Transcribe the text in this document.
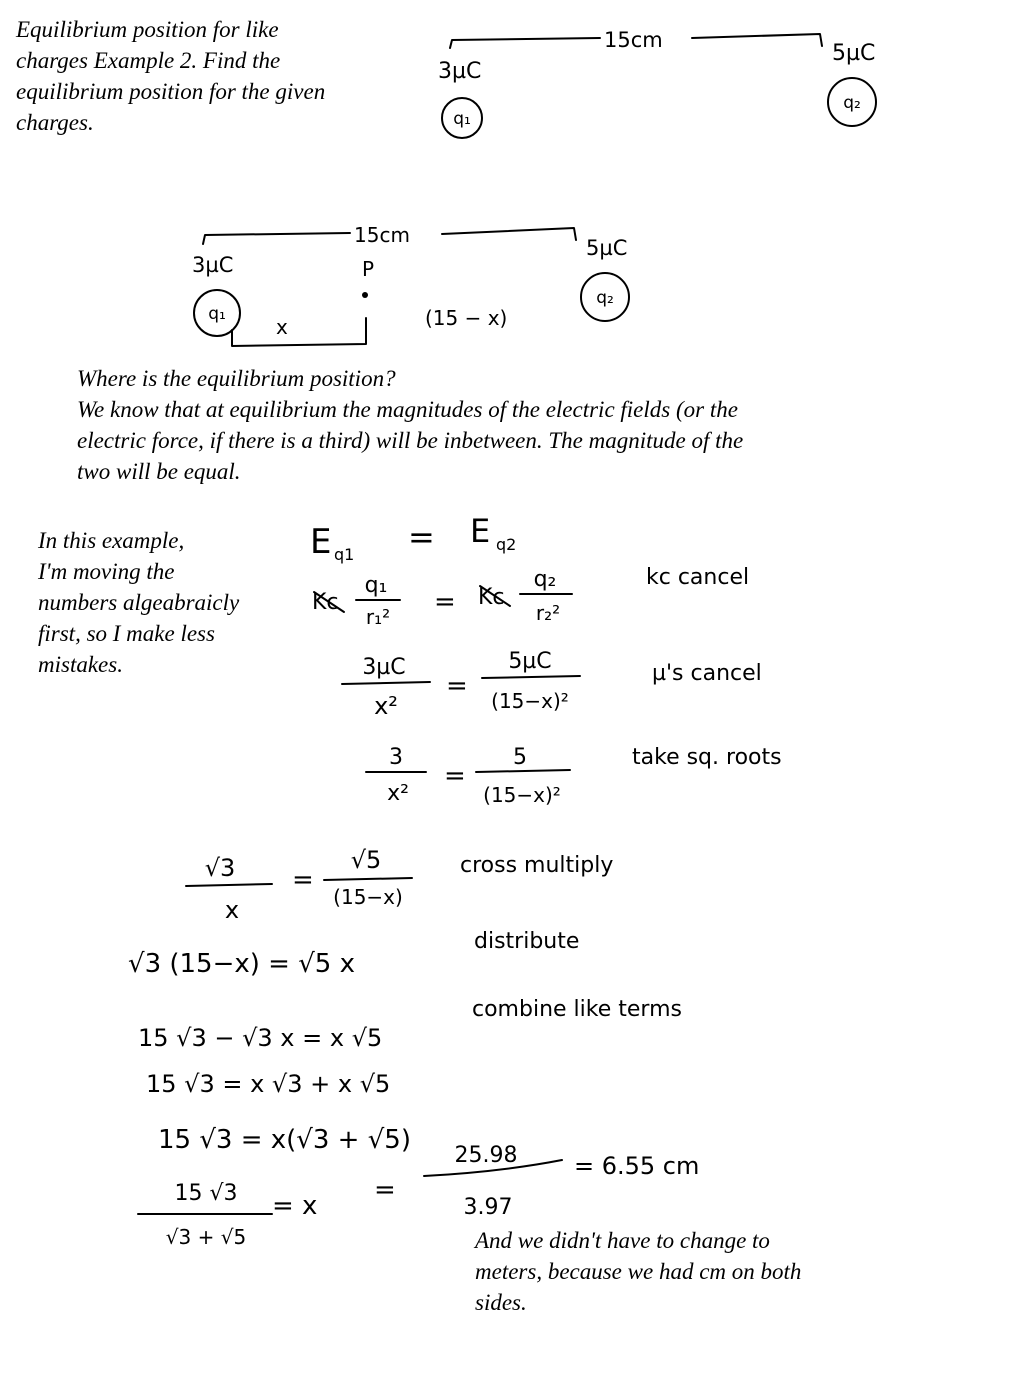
Equilibrium position for like
charges Example 2. Find the
equilibrium position for the given
charges.
Where is the equilibrium position?
We know that at equilibrium the magnitudes of the electric fields (or the
electric force, if there is a third) will be inbetween. The magnitude of the
two will be equal.
In this example,
I'm moving the
numbers algeabraicly
first, so I make less
mistakes.
And we didn't have to change to
meters, because we had cm on both
sides.
15cm
3µC
q₁
5µC
q₂
15cm
3µC
q₁
P
x	(15 − x)
5µC
q₂
E q1 = E q2
Kc
q₁
r₁² = Kc
q₂
r₂²
kc cancel
3µC
x²
=
5µC
(15−x)²
µ's cancel
3
x²
=
5
(15−x)²
take sq. roots
√3
x
=
√5
(15−x)
cross multiply
√3 (15−x) = √5 x
distribute
15 √3 − √3 x = x √5
combine like terms
15 √3 = x √3 + x √5
15 √3 = x(√3 + √5)
15 √3
√3 + √5
= x
=
25.98
3.97
= 6.55 cm
